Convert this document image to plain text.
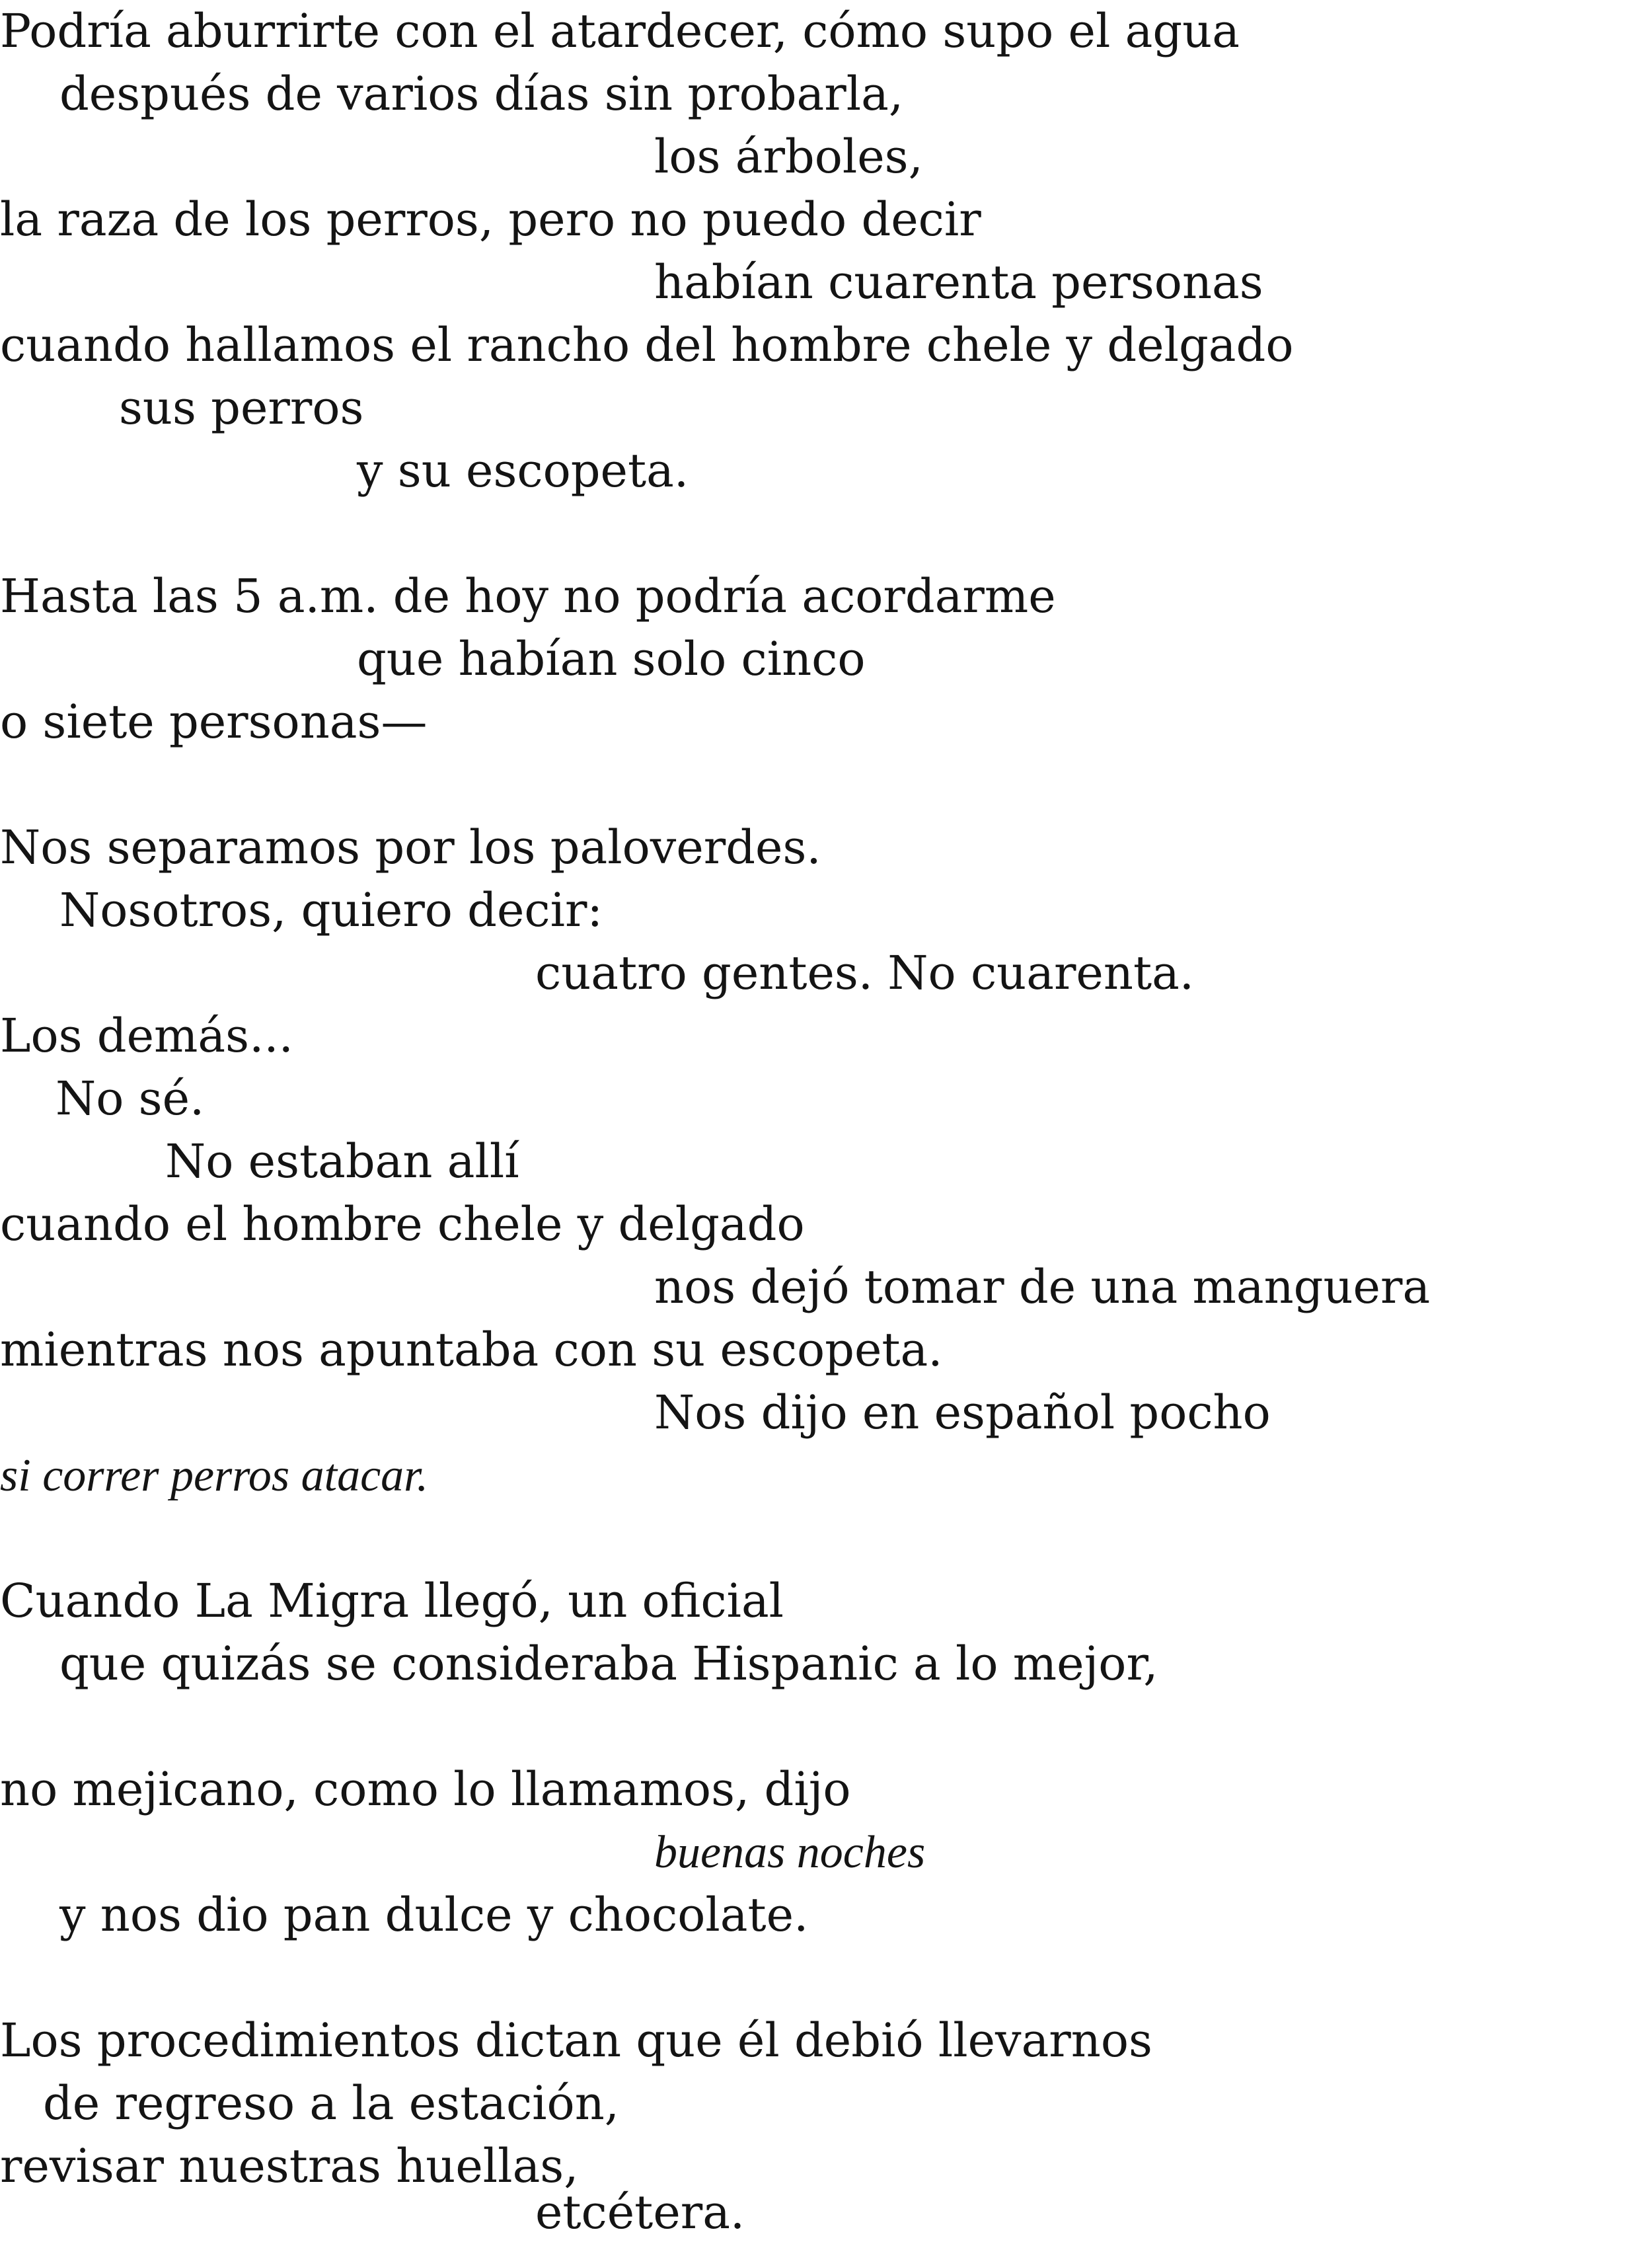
Podría aburrirte con el atardecer, cómo supo el agua

después de varios días sin probarla,

los árboles,

la raza de los perros, pero no puedo decir

habían cuarenta personas

cuando hallamos el rancho del hombre chele y delgado

sus perros

y su escopeta.

Hasta las 5 a.m. de hoy no podría acordarme

que habían solo cinco

o siete personas—

Nos separamos por los paloverdes.

Nosotros, quiero decir:

cuatro gentes. No cuarenta.

Los demás...

No sé.

No estaban allí

cuando el hombre chele y delgado

nos dejó tomar de una manguera

mientras nos apuntaba con su escopeta.

Nos dijo en español pocho

si correr perros atacar.

Cuando La Migra llegó, un oficial

que quizás se consideraba Hispanic a lo mejor,

no mejicano, como lo llamamos, dijo

buenas noches

y nos dio pan dulce y chocolate.

Los procedimientos dictan que él debió llevarnos

de regreso a la estación,

revisar nuestras huellas,

etcétera.
